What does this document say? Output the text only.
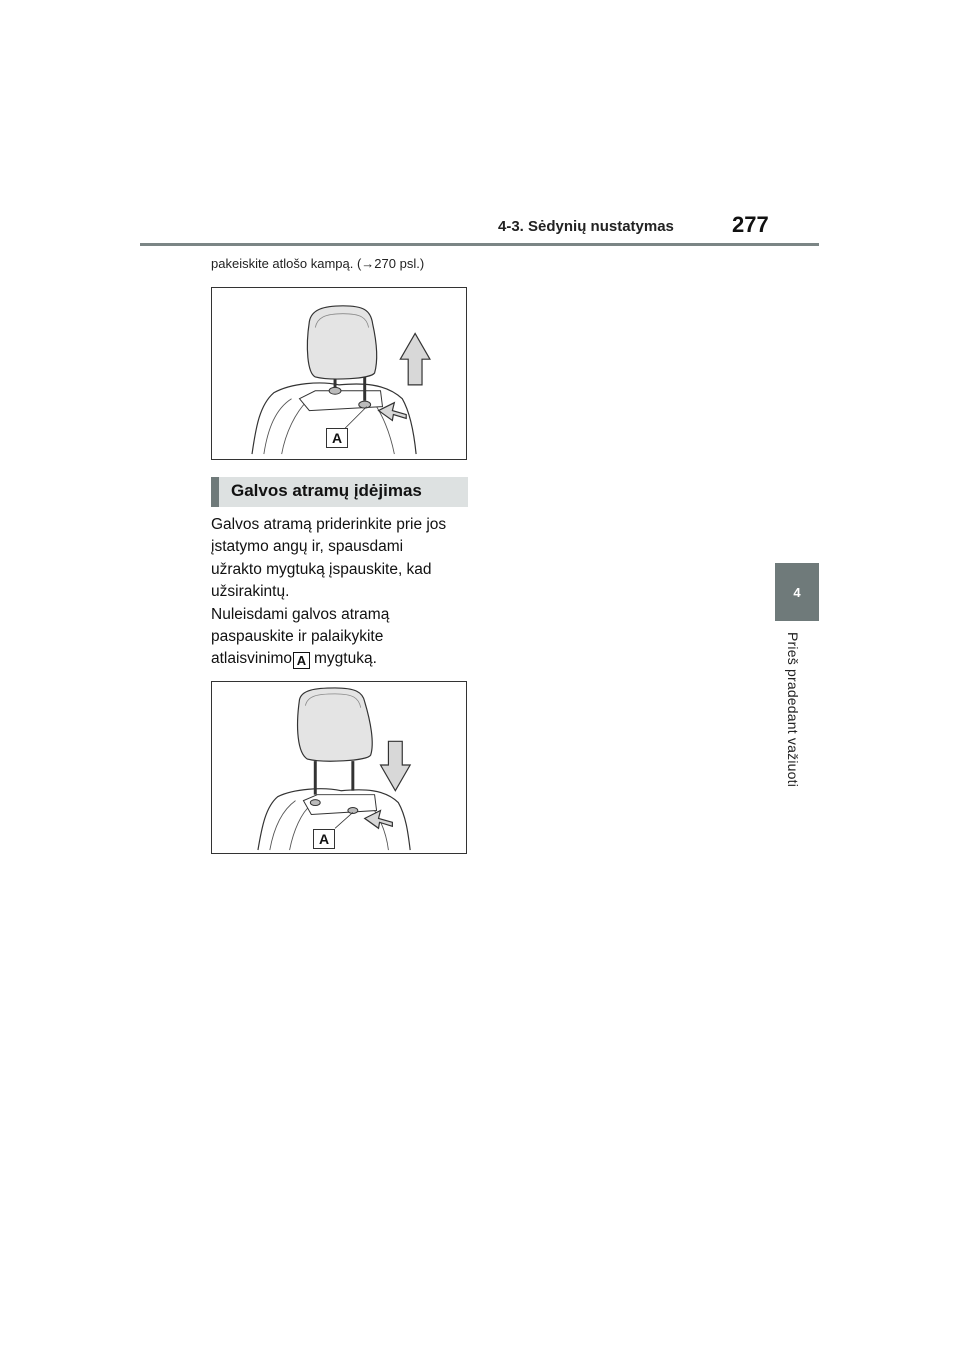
4-3. Sėdynių nustatymas	277
4
Prieš pradedant važiuoti
pakeiskite atlošo kampą. (→270 psl.)
A
Galvos atramų įdėjimas

Galvos atramą priderinkite prie jos

įstatymo angų ir, spausdami

užrakto mygtuką įspauskite, kad

užsirakintų.

Nuleisdami galvos atramą

paspauskite ir palaikykite

atlaisvinimo A mygtuką.

A
